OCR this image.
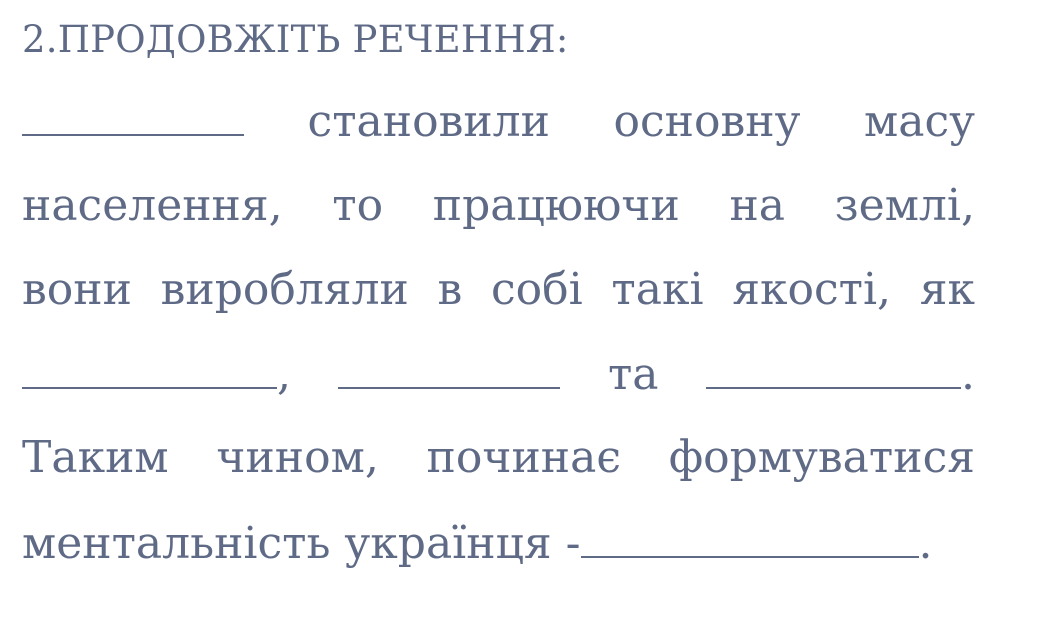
2.ПРОДОВЖІТЬ РЕЧЕННЯ:
становили основну масу
населення, то працюючи на землі,
вони виробляли в собі такі якості, як
,	та	.
Таким чином, починає формуватися
ментальність українця -	.
